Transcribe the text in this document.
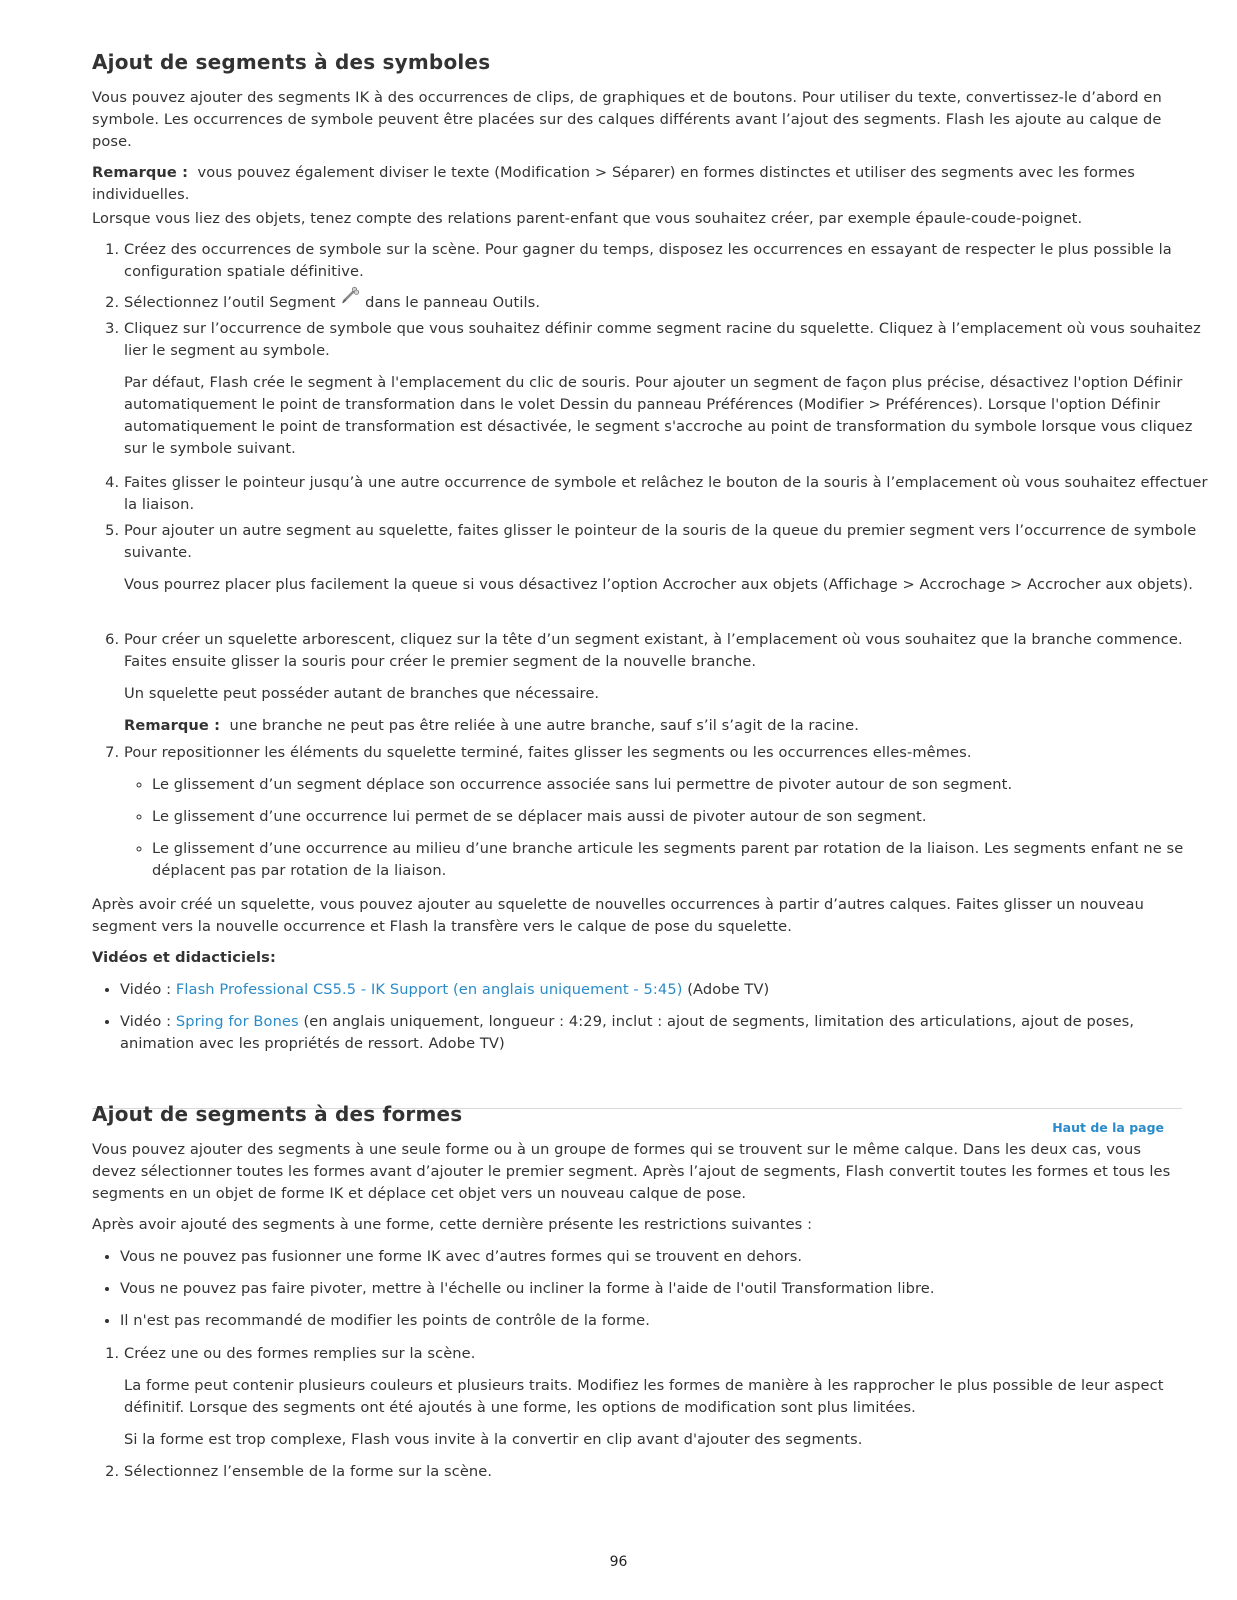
Ajout de segments à des symboles

Vous pouvez ajouter des segments IK à des occurrences de clips, de graphiques et de boutons. Pour utiliser du texte, convertissez-le d’abord en symbole. Les occurrences de symbole peuvent être placées sur des calques différents avant l’ajout des segments. Flash les ajoute au calque de pose.

Remarque : vous pouvez également diviser le texte (Modification > Séparer) en formes distinctes et utiliser des segments avec les formes individuelles.

Lorsque vous liez des objets, tenez compte des relations parent-enfant que vous souhaitez créer, par exemple épaule-coude-poignet.

1. Créez des occurrences de symbole sur la scène. Pour gagner du temps, disposez les occurrences en essayant de respecter le plus possible la configuration spatiale définitive.
2. Sélectionnez l’outil Segment dans le panneau Outils.
3. Cliquez sur l’occurrence de symbole que vous souhaitez définir comme segment racine du squelette. Cliquez à l’emplacement où vous souhaitez lier le segment au symbole.

Par défaut, Flash crée le segment à l'emplacement du clic de souris. Pour ajouter un segment de façon plus précise, désactivez l'option Définir automatiquement le point de transformation dans le volet Dessin du panneau Préférences (Modifier > Préférences). Lorsque l'option Définir automatiquement le point de transformation est désactivée, le segment s'accroche au point de transformation du symbole lorsque vous cliquez sur le symbole suivant.

4. Faites glisser le pointeur jusqu’à une autre occurrence de symbole et relâchez le bouton de la souris à l’emplacement où vous souhaitez effectuer la liaison.
5. Pour ajouter un autre segment au squelette, faites glisser le pointeur de la souris de la queue du premier segment vers l’occurrence de symbole suivante.

Vous pourrez placer plus facilement la queue si vous désactivez l’option Accrocher aux objets (Affichage > Accrochage > Accrocher aux objets).

6. Pour créer un squelette arborescent, cliquez sur la tête d’un segment existant, à l’emplacement où vous souhaitez que la branche commence. Faites ensuite glisser la souris pour créer le premier segment de la nouvelle branche.

Un squelette peut posséder autant de branches que nécessaire.

Remarque : une branche ne peut pas être reliée à une autre branche, sauf s’il s’agit de la racine.

7. Pour repositionner les éléments du squelette terminé, faites glisser les segments ou les occurrences elles-mêmes.
◦ Le glissement d’un segment déplace son occurrence associée sans lui permettre de pivoter autour de son segment.
◦ Le glissement d’une occurrence lui permet de se déplacer mais aussi de pivoter autour de son segment.
◦ Le glissement d’une occurrence au milieu d’une branche articule les segments parent par rotation de la liaison. Les segments enfant ne se déplacent pas par rotation de la liaison.

Après avoir créé un squelette, vous pouvez ajouter au squelette de nouvelles occurrences à partir d’autres calques. Faites glisser un nouveau segment vers la nouvelle occurrence et Flash la transfère vers le calque de pose du squelette.

Vidéos et didacticiels:

• Vidéo : Flash Professional CS5.5 - IK Support (en anglais uniquement - 5:45) (Adobe TV)
• Vidéo : Spring for Bones (en anglais uniquement, longueur : 4:29, inclut : ajout de segments, limitation des articulations, ajout de poses, animation avec les propriétés de ressort. Adobe TV)
Haut de la page
Ajout de segments à des formes

Vous pouvez ajouter des segments à une seule forme ou à un groupe de formes qui se trouvent sur le même calque. Dans les deux cas, vous devez sélectionner toutes les formes avant d’ajouter le premier segment. Après l’ajout de segments, Flash convertit toutes les formes et tous les segments en un objet de forme IK et déplace cet objet vers un nouveau calque de pose.

Après avoir ajouté des segments à une forme, cette dernière présente les restrictions suivantes :

• Vous ne pouvez pas fusionner une forme IK avec d’autres formes qui se trouvent en dehors.
• Vous ne pouvez pas faire pivoter, mettre à l'échelle ou incliner la forme à l'aide de l'outil Transformation libre.
• Il n'est pas recommandé de modifier les points de contrôle de la forme.
1. Créez une ou des formes remplies sur la scène.

La forme peut contenir plusieurs couleurs et plusieurs traits. Modifiez les formes de manière à les rapprocher le plus possible de leur aspect définitif. Lorsque des segments ont été ajoutés à une forme, les options de modification sont plus limitées.

Si la forme est trop complexe, Flash vous invite à la convertir en clip avant d'ajouter des segments.

2. Sélectionnez l’ensemble de la forme sur la scène.
96
